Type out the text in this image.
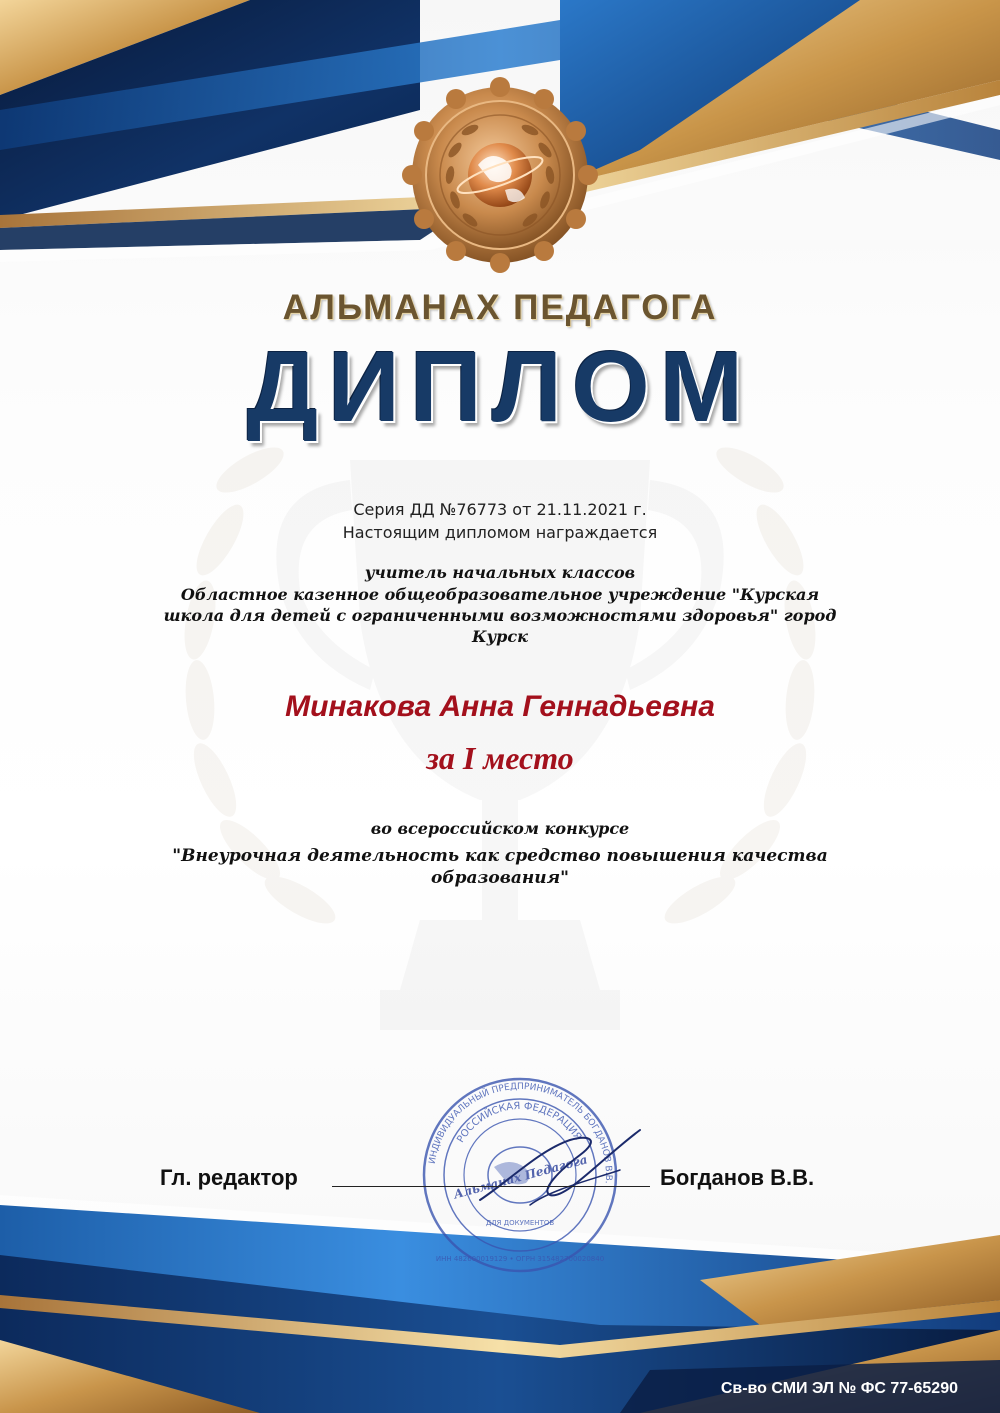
АЛЬМАНАХ ПЕДАГОГА
ДИПЛОМ
Серия ДД №76773 от 21.11.2021 г.
Настоящим дипломом награждается
учитель начальных классов
Областное казенное общеобразовательное учреждение "Курская школа для детей с ограниченными возможностями здоровья" город Курск
Минакова Анна Геннадьевна
за I место
во всероссийском конкурсе
"Внеурочная деятельность как средство повышения качества образования"
ИНДИВИДУАЛЬНЫЙ ПРЕДПРИНИМАТЕЛЬ БОГДАНОВ В.В.
РОССИЙСКАЯ ФЕДЕРАЦИЯ
Альманах Педагога
ДЛЯ ДОКУМЕНТОВ
ИНН 482600019129 • ОГРН 315482700020840
Гл. редактор	Богданов В.В.
Св-во СМИ ЭЛ № ФС 77-65290
